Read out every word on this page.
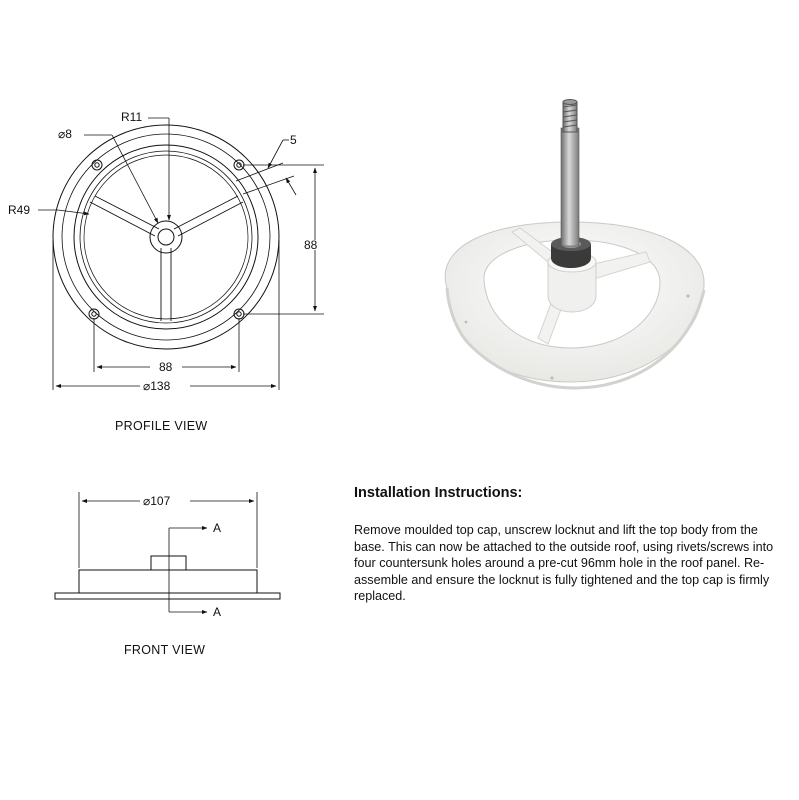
⌀8
R11
5
R49
88
88
⌀138
PROFILE VIEW
⌀107
A
A
FRONT VIEW
Installation Instructions:

Remove moulded top cap, unscrew locknut and lift the top body from the base. This can now be attached to the outside roof, using rivets/screws into four countersunk holes around a pre-cut 96mm hole in the roof panel. Re-assemble and ensure the locknut is fully tightened and the top cap is firmly replaced.
